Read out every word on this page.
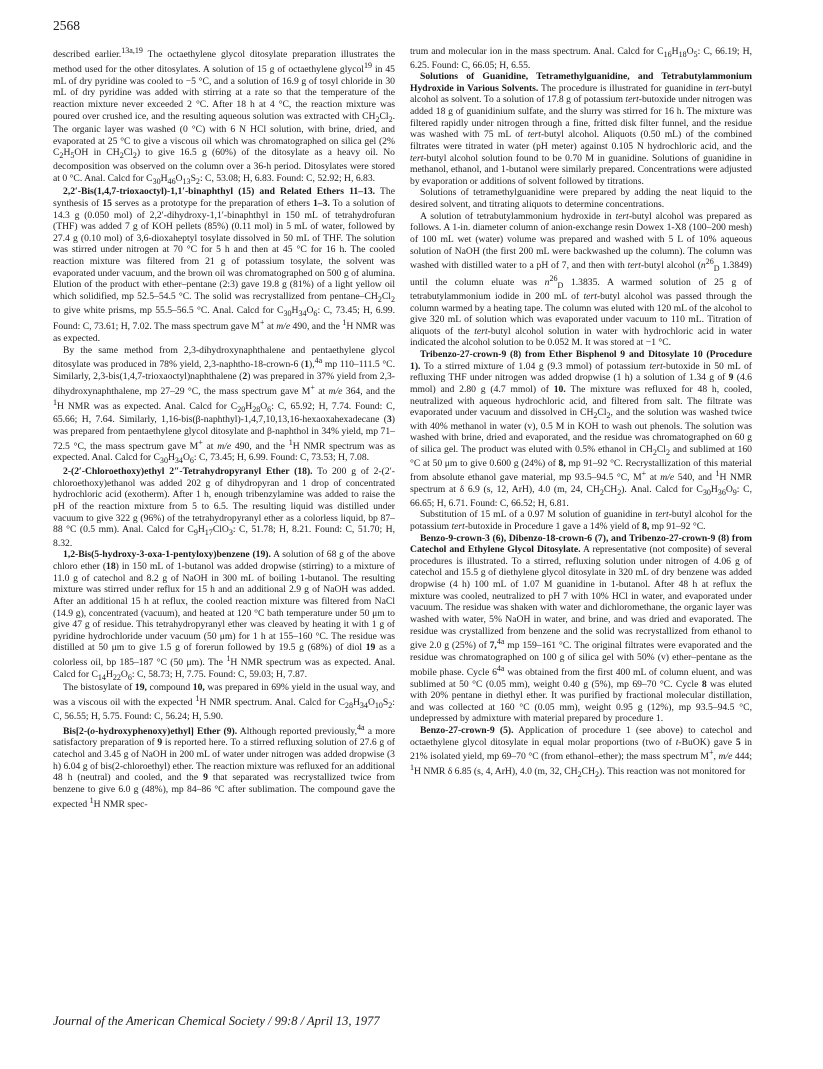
2568

described earlier.$^{13a,19}$ The octaethylene glycol ditosylate preparation illustrates the method used for the other ditosylates. A solution of 15 g of octaethylene glycol$^{19}$ in 45 mL of dry pyridine was cooled to −5 °C, and a solution of 16.9 g of tosyl chloride in 30 mL of dry pyridine was added with stirring at a rate so that the temperature of the reaction mixture never exceeded 2 °C. After 18 h at 4 °C, the reaction mixture was poured over crushed ice, and the resulting aqueous solution was extracted with $CH_2Cl_2$. The organic layer was washed (0 °C) with 6 N HCl solution, with brine, dried, and evaporated at 25 °C to give a viscous oil which was chromatographed on silica gel (2% $C_2H_5OH$ in $CH_2Cl_2$) to give 16.5 g (60%) of the ditosylate as a heavy oil. No decomposition was observed on the column over a 36-h period. Ditosylates were stored at 0 °C. Anal. Calcd for $C_{30}H_{46}O_{13}S_2$: C, 53.08; H, 6.83. Found: C, 52.92; H, 6.83.

2,2′-Bis(1,4,7-trioxaoctyl)-1,1′-binaphthyl (15) and Related Ethers 11–13. The synthesis of 15 serves as a prototype for the preparation of ethers 1–3. To a solution of 14.3 g (0.050 mol) of 2,2′-dihydroxy-1,1′-binaphthyl in 150 mL of tetrahydrofuran (THF) was added 7 g of KOH pellets (85%) (0.11 mol) in 5 mL of water, followed by 27.4 g (0.10 mol) of 3,6-dioxaheptyl tosylate dissolved in 50 mL of THF. The solution was stirred under nitrogen at 70 °C for 5 h and then at 45 °C for 16 h. The cooled reaction mixture was filtered from 21 g of potassium tosylate, the solvent was evaporated under vacuum, and the brown oil was chromatographed on 500 g of alumina. Elution of the product with ether–pentane (2:3) gave 19.8 g (81%) of a light yellow oil which solidified, mp 52.5–54.5 °C. The solid was recrystallized from pentane–$CH_2Cl_2$ to give white prisms, mp 55.5–56.5 °C. Anal. Calcd for $C_{30}H_{34}O_6$: C, 73.45; H, 6.99. Found: C, 73.61; H, 7.02. The mass spectrum gave M+ at m/e 490, and the $^1$H NMR was as expected.

By the same method from 2,3-dihydroxynaphthalene and pentaethylene glycol ditosylate was produced in 78% yield, 2,3-naphtho-18-crown-6 (1),$^{4a}$ mp 110–111.5 °C. Similarly, 2,3-bis(1,4,7-trioxaoctyl)naphthalene (2) was prepared in 37% yield from 2,3-dihydroxynaphthalene, mp 27–29 °C, the mass spectrum gave M+ at m/e 364, and the $^1$H NMR was as expected. Anal. Calcd for $C_{20}H_{28}O_6$: C, 65.92; H, 7.74. Found: C, 65.66; H, 7.64. Similarly, 1,16-bis(β-naphthyl)-1,4,7,10,13,16-hexaoxahexadecane (3) was prepared from pentaethylene glycol ditosylate and β-naphthol in 34% yield, mp 71–72.5 °C, the mass spectrum gave M+ at m/e 490, and the $^1$H NMR spectrum was as expected. Anal. Calcd for $C_{30}H_{34}O_6$: C, 73.45; H, 6.99. Found: C, 73.53; H, 7.08.

2-(2′-Chloroethoxy)ethyl 2″-Tetrahydropyranyl Ether (18). To 200 g of 2-(2′-chloroethoxy)ethanol was added 202 g of dihydropyran and 1 drop of concentrated hydrochloric acid (exotherm). After 1 h, enough tribenzylamine was added to raise the pH of the reaction mixture from 5 to 6.5. The resulting liquid was distilled under vacuum to give 322 g (96%) of the tetrahydropyranyl ether as a colorless liquid, bp 87–88 °C (0.5 mm). Anal. Calcd for $C_9H_{17}ClO_3$: C, 51.78; H, 8.21. Found: C, 51.70; H, 8.32.

1,2-Bis(5-hydroxy-3-oxa-1-pentyloxy)benzene (19). A solution of 68 g of the above chloro ether (18) in 150 mL of 1-butanol was added dropwise (stirring) to a mixture of 11.0 g of catechol and 8.2 g of NaOH in 300 mL of boiling 1-butanol. The resulting mixture was stirred under reflux for 15 h and an additional 2.9 g of NaOH was added. After an additional 15 h at reflux, the cooled reaction mixture was filtered from NaCl (14.9 g), concentrated (vacuum), and heated at 120 °C bath temperature under 50 μm to give 47 g of residue. This tetrahydropyranyl ether was cleaved by heating it with 1 g of pyridine hydrochloride under vacuum (50 μm) for 1 h at 155–160 °C. The residue was distilled at 50 μm to give 1.5 g of forerun followed by 19.5 g (68%) of diol 19 as a colorless oil, bp 185–187 °C (50 μm). The $^1$H NMR spectrum was as expected. Anal. Calcd for $C_{14}H_{22}O_6$: C, 58.73; H, 7.75. Found: C, 59.03; H, 7.87.

The bistosylate of 19, compound 10, was prepared in 69% yield in the usual way, and was a viscous oil with the expected $^1$H NMR spectrum. Anal. Calcd for $C_{28}H_{34}O_{10}S_2$: C, 56.55; H, 5.75. Found: C, 56.24; H, 5.90.

Bis[2-(o-hydroxyphenoxy)ethyl] Ether (9). Although reported previously,$^{4a}$ a more satisfactory preparation of 9 is reported here. To a stirred refluxing solution of 27.6 g of catechol and 3.45 g of NaOH in 200 mL of water under nitrogen was added dropwise (3 h) 6.04 g of bis(2-chloroethyl) ether. The reaction mixture was refluxed for an additional 48 h (neutral) and cooled, and the 9 that separated was recrystallized twice from benzene to give 6.0 g (48%), mp 84–86 °C after sublimation. The compound gave the expected $^1$H NMR spec-

trum and molecular ion in the mass spectrum. Anal. Calcd for $C_{16}H_{18}O_5$: C, 66.19; H, 6.25. Found: C, 66.05; H, 6.55.

Solutions of Guanidine, Tetramethylguanidine, and Tetrabutylammonium Hydroxide in Various Solvents. The procedure is illustrated for guanidine in tert-butyl alcohol as solvent. To a solution of 17.8 g of potassium tert-butoxide under nitrogen was added 18 g of guanidinium sulfate, and the slurry was stirred for 16 h. The mixture was filtered rapidly under nitrogen through a fine, fritted disk filter funnel, and the residue was washed with 75 mL of tert-butyl alcohol. Aliquots (0.50 mL) of the combined filtrates were titrated in water (pH meter) against 0.105 N hydrochloric acid, and the tert-butyl alcohol solution found to be 0.70 M in guanidine. Solutions of guanidine in methanol, ethanol, and 1-butanol were similarly prepared. Concentrations were adjusted by evaporation or additions of solvent followed by titrations.

Solutions of tetramethylguanidine were prepared by adding the neat liquid to the desired solvent, and titrating aliquots to determine concentrations.

A solution of tetrabutylammonium hydroxide in tert-butyl alcohol was prepared as follows. A 1-in. diameter column of anion-exchange resin Dowex 1-X8 (100–200 mesh) of 100 mL wet (water) volume was prepared and washed with 5 L of 10% aqueous solution of NaOH (the first 200 mL were backwashed up the column). The column was washed with distilled water to a pH of 7, and then with tert-butyl alcohol ($n^{26}_D$ 1.3849) until the column eluate was $n^{26}_D$ 1.3835. A warmed solution of 25 g of tetrabutylammonium iodide in 200 mL of tert-butyl alcohol was passed through the column warmed by a heating tape. The column was eluted with 120 mL of the alcohol to give 320 mL of solution which was evaporated under vacuum to 110 mL. Titration of aliquots of the tert-butyl alcohol solution in water with hydrochloric acid in water indicated the alcohol solution to be 0.052 M. It was stored at −1 °C.

Tribenzo-27-crown-9 (8) from Ether Bisphenol 9 and Ditosylate 10 (Procedure 1). To a stirred mixture of 1.04 g (9.3 mmol) of potassium tert-butoxide in 50 mL of refluxing THF under nitrogen was added dropwise (1 h) a solution of 1.34 g of 9 (4.6 mmol) and 2.80 g (4.7 mmol) of 10. The mixture was refluxed for 48 h, cooled, neutralized with aqueous hydrochloric acid, and filtered from salt. The filtrate was evaporated under vacuum and dissolved in $CH_2Cl_2$, and the solution was washed twice with 40% methanol in water (v), 0.5 M in KOH to wash out phenols. The solution was washed with brine, dried and evaporated, and the residue was chromatographed on 60 g of silica gel. The product was eluted with 0.5% ethanol in $CH_2Cl_2$ and sublimed at 160 °C at 50 μm to give 0.600 g (24%) of 8, mp 91–92 °C. Recrystallization of this material from absolute ethanol gave material, mp 93.5–94.5 °C, M+ at m/e 540, and $^1$H NMR spectrum at δ 6.9 (s, 12, ArH), 4.0 (m, 24, $CH_2CH_2$). Anal. Calcd for $C_{30}H_{36}O_9$: C, 66.65; H, 6.71. Found: C, 66.52; H, 6.81.

Substitution of 15 mL of a 0.97 M solution of guanidine in tert-butyl alcohol for the potassium tert-butoxide in Procedure 1 gave a 14% yield of 8, mp 91–92 °C.

Benzo-9-crown-3 (6), Dibenzo-18-crown-6 (7), and Tribenzo-27-crown-9 (8) from Catechol and Ethylene Glycol Ditosylate. A representative (not composite) of several procedures is illustrated. To a stirred, refluxing solution under nitrogen of 4.06 g of catechol and 15.5 g of diethylene glycol ditosylate in 320 mL of dry benzene was added dropwise (4 h) 100 mL of 1.07 M guanidine in 1-butanol. After 48 h at reflux the mixture was cooled, neutralized to pH 7 with 10% HCl in water, and evaporated under vacuum. The residue was shaken with water and dichloromethane, the organic layer was washed with water, 5% NaOH in water, and brine, and was dried and evaporated. The residue was crystallized from benzene and the solid was recrystallized from ethanol to give 2.0 g (25%) of 7,$^{4a}$ mp 159–161 °C. The original filtrates were evaporated and the residue was chromatographed on 100 g of silica gel with 50% (v) ether–pentane as the mobile phase. Cycle $6^{4a}$ was obtained from the first 400 mL of column eluent, and was sublimed at 50 °C (0.05 mm), weight 0.40 g (5%), mp 69–70 °C. Cycle 8 was eluted with 20% pentane in diethyl ether. It was purified by fractional molecular distillation, and was collected at 160 °C (0.05 mm), weight 0.95 g (12%), mp 93.5–94.5 °C, undepressed by admixture with material prepared by procedure 1.

Benzo-27-crown-9 (5). Application of procedure 1 (see above) to catechol and octaethylene glycol ditosylate in equal molar proportions (two of t-BuOK) gave 5 in 21% isolated yield, mp 69–70 °C (from ethanol–ether); the mass spectrum M+, m/e 444; $^1$H NMR δ 6.85 (s, 4, ArH), 4.0 (m, 32, $CH_2CH_2$). This reaction was not monitored for

Journal of the American Chemical Society / 99:8 / April 13, 1977
